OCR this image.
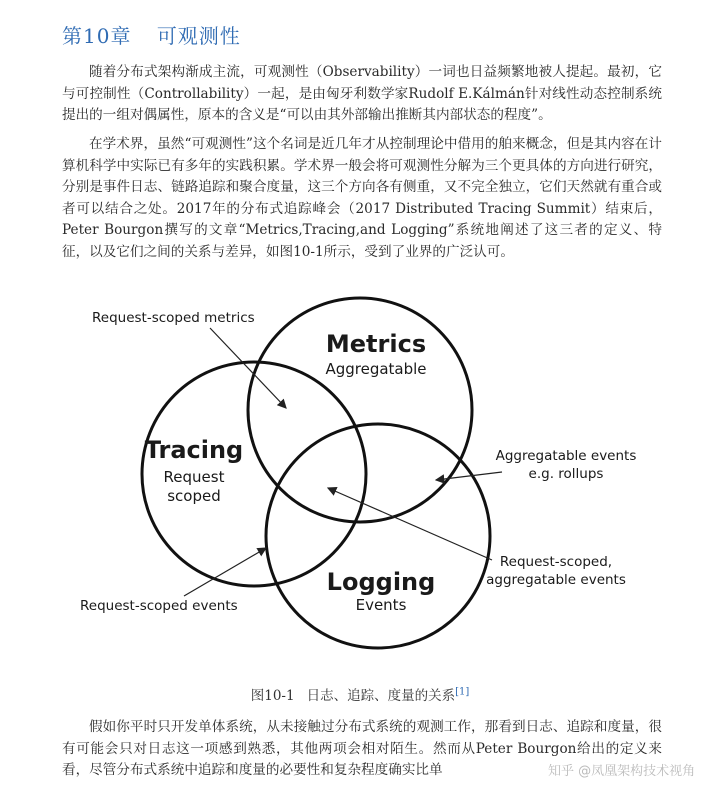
第10章 可观测性
随着分布式架构渐成主流，可观测性（Observability）一词也日益频繁地被人提起。最初，它与可控制性（Controllability）一起，是由匈牙利数学家Rudolf E.Kálmán针对线性动态控制系统提出的一组对偶属性，原本的含义是“可以由其外部输出推断其内部状态的程度”。
在学术界，虽然“可观测性”这个名词是近几年才从控制理论中借用的舶来概念，但是其内容在计算机科学中实际已有多年的实践积累。学术界一般会将可观测性分解为三个更具体的方向进行研究，分别是事件日志、链路追踪和聚合度量，这三个方向各有侧重，又不完全独立，它们天然就有重合或者可以结合之处。2017年的分布式追踪峰会（2017 Distributed Tracing Summit）结束后，Peter Bourgon撰写的文章“Metrics,Tracing,and Logging”系统地阐述了这三者的定义、特征，以及它们之间的关系与差异，如图10-1所示，受到了业界的广泛认可。
Metrics
Aggregatable
Tracing
Request
scoped
Logging
Events
Request-scoped metrics
Aggregatable events
e.g. rollups
Request-scoped,
aggregatable events
Request-scoped events
图10-1 日志、追踪、度量的关系[1]
假如你平时只开发单体系统，从未接触过分布式系统的观测工作，那看到日志、追踪和度量，很有可能会只对日志这一项感到熟悉，其他两项会相对陌生。然而从Peter Bourgon给出的定义来看，尽管分布式系统中追踪和度量的必要性和复杂程度确实比单	知乎 @凤凰架构技术视角
